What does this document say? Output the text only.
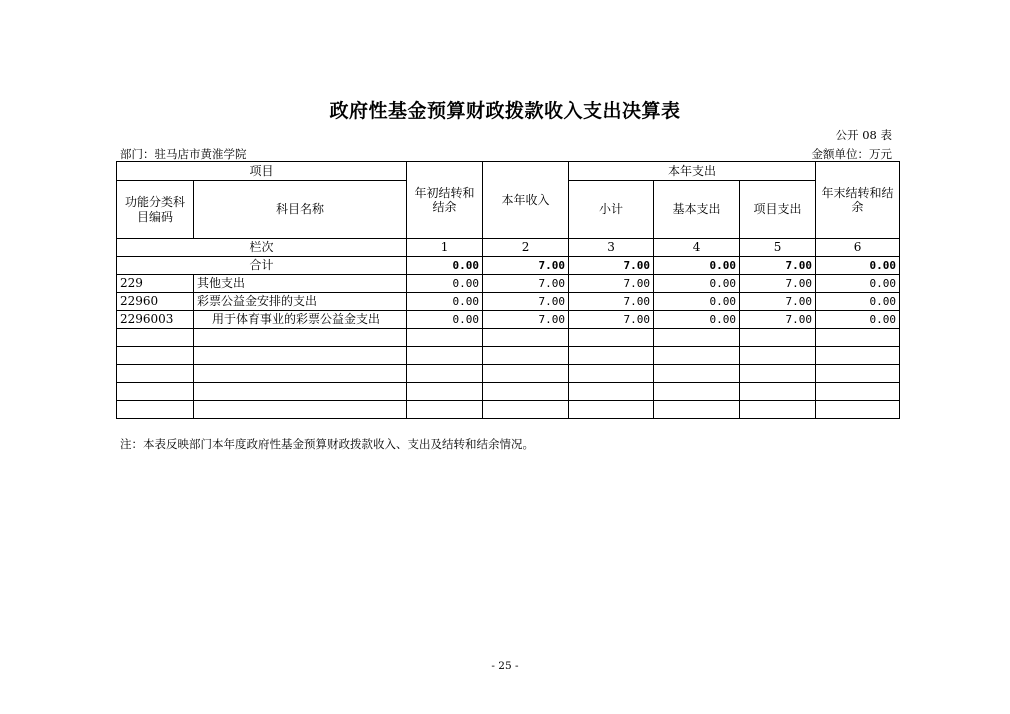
政府性基金预算财政拨款收入支出决算表
公开 08 表
部门：驻马店市黄淮学院	金额单位：万元
项目		年初结转和结余	本年收入	本年支出			年末结转和结余
功能分类科目编码	科目名称			小计	基本支出	项目支出	
栏次		1	2	3	4	5	6
合计		0.00	7.00	7.00	0.00	7.00	0.00
229	其他支出	0.00	7.00	7.00	0.00	7.00	0.00
22960	彩票公益金安排的支出	0.00	7.00	7.00	0.00	7.00	0.00
2296003	用于体育事业的彩票公益金支出	0.00	7.00	7.00	0.00	7.00	0.00

注：本表反映部门本年度政府性基金预算财政拨款收入、支出及结转和结余情况。
- 25 -
